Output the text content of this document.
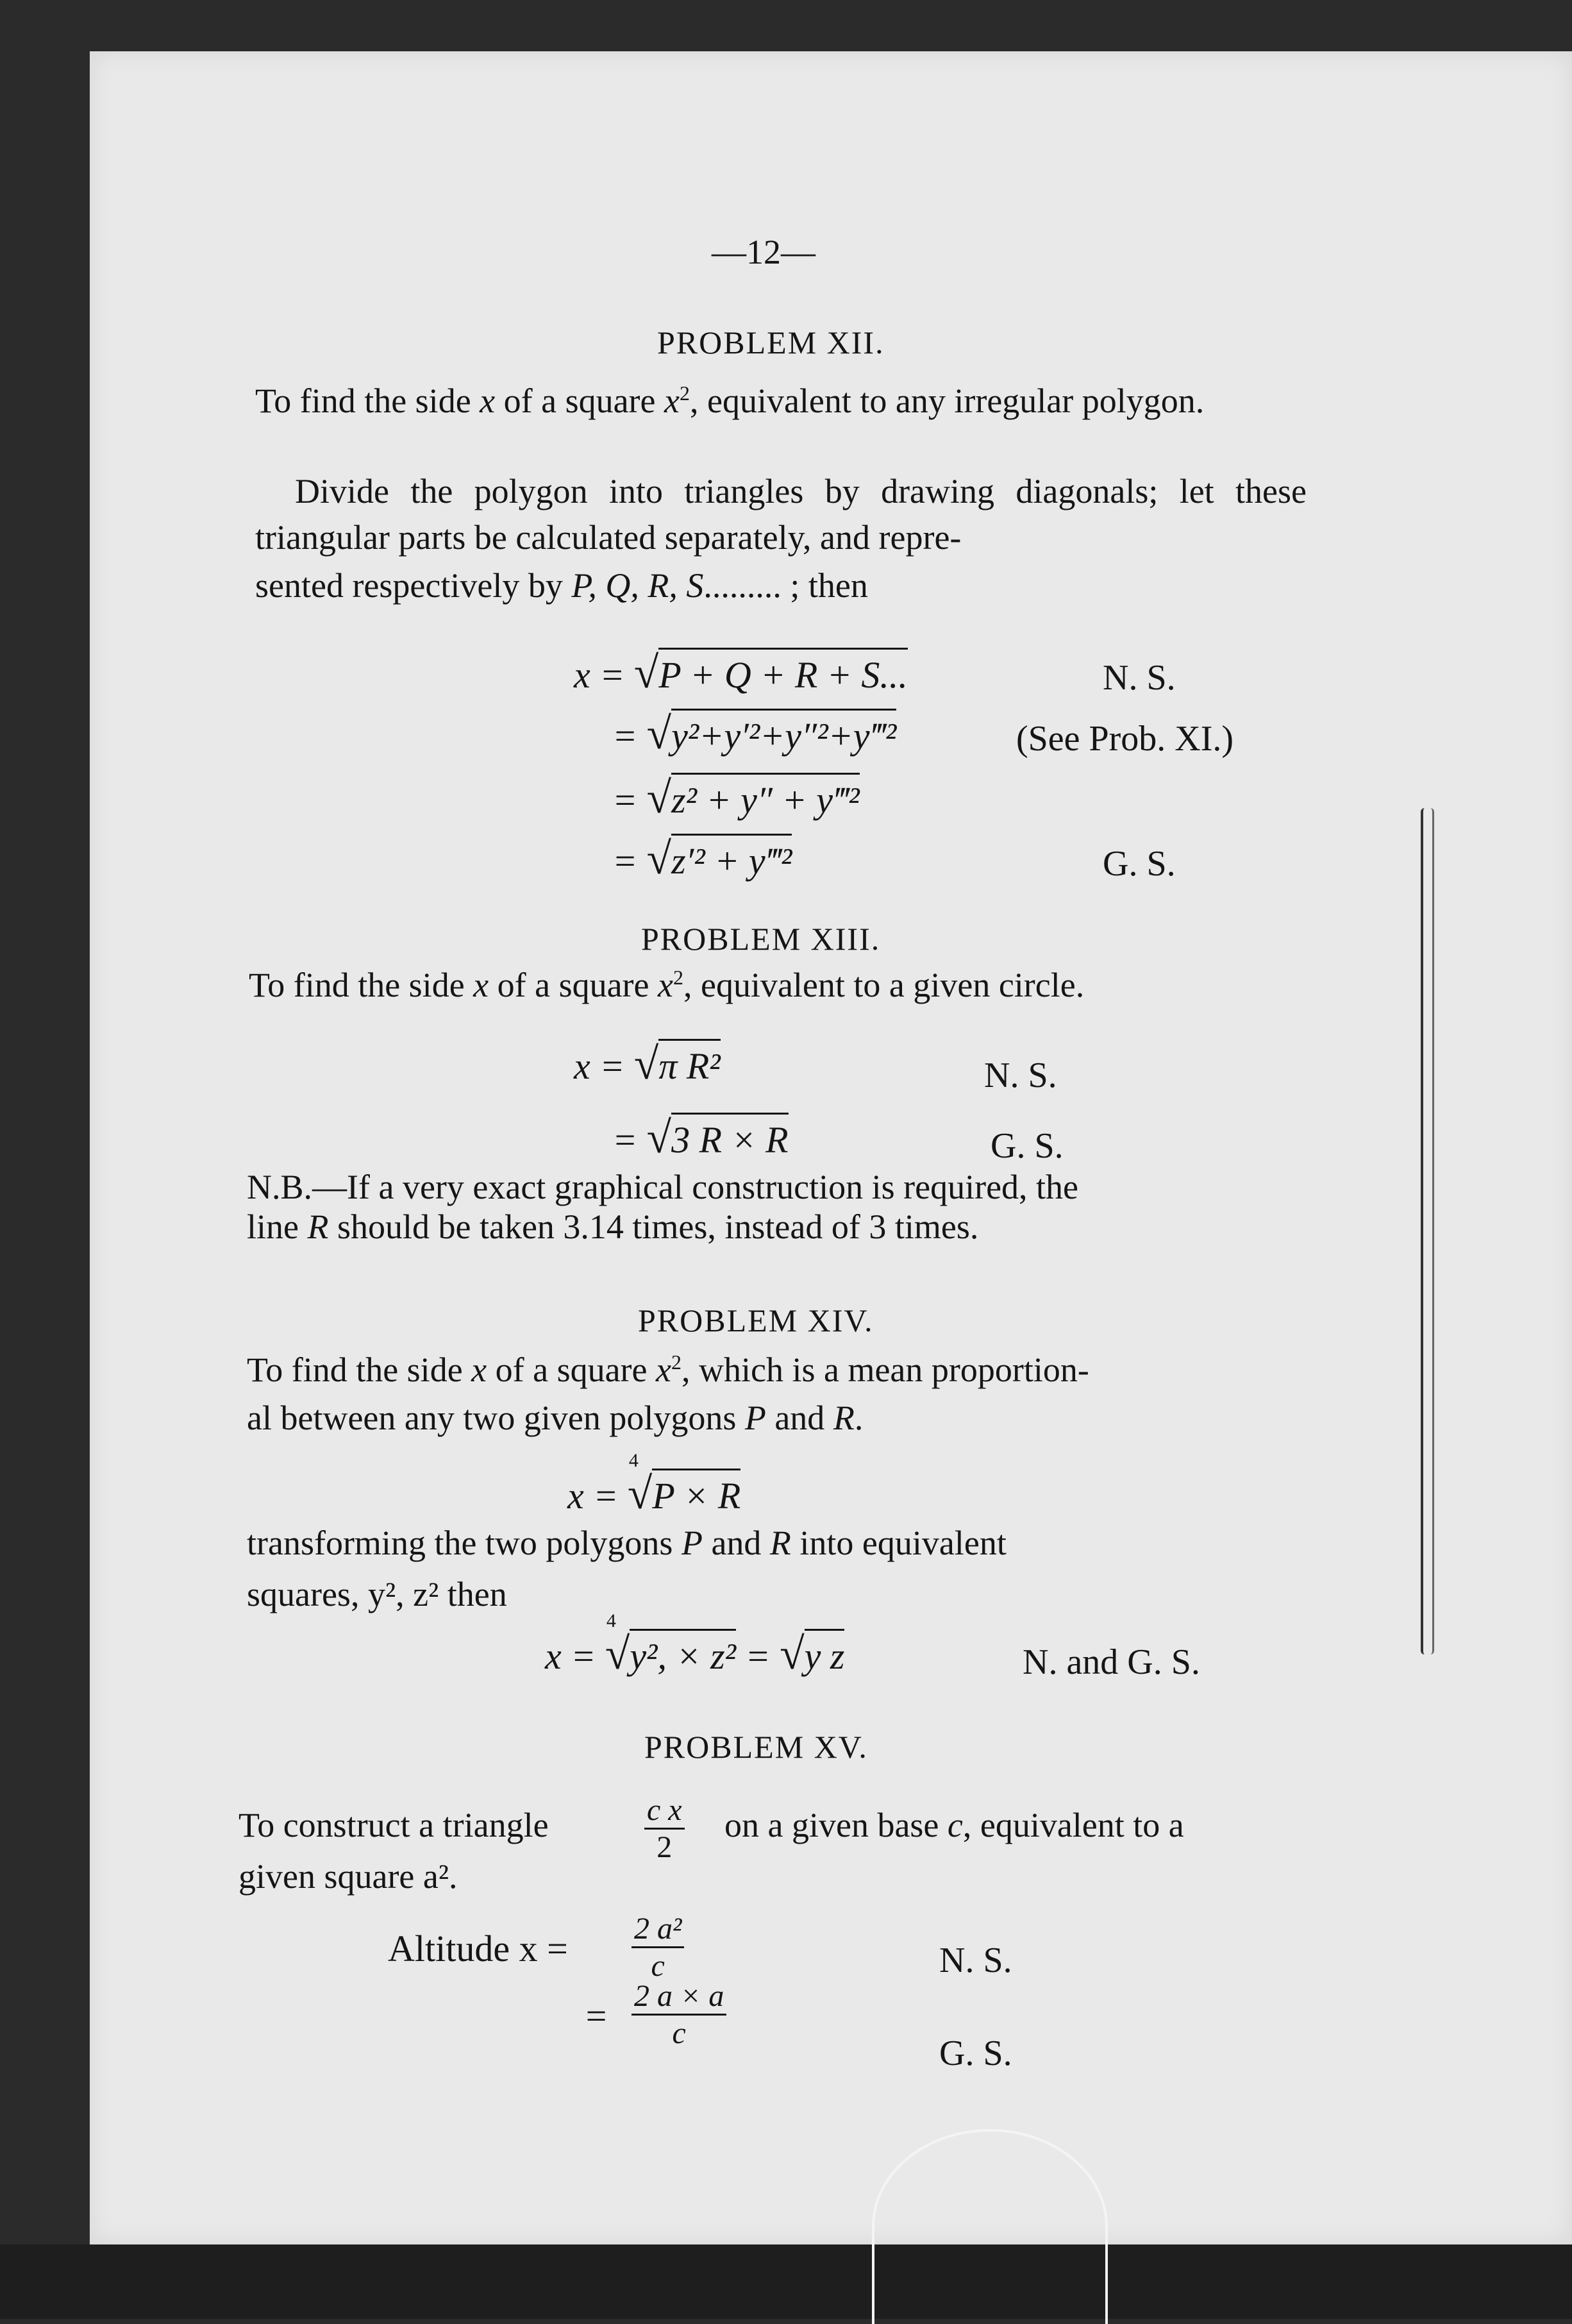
—12—
PROBLEM XII.
To find the side x of a square $x^2$, equivalent to any irregular polygon.
Divide the polygon into triangles by drawing diagonals; let these triangular parts be calculated separately, and repre-
sented respectively by P, Q, R, S......... ; then
x = √P + Q + R + S...	N. S.
= √y²+y′²+y″²+y‴²	(See Prob. XI.)
= √z² + y″ + y‴²
= √z′² + y‴²	G. S.
PROBLEM XIII.
To find the side x of a square $x^2$, equivalent to a given circle.
x = √π R²	N. S.
= √3 R × R	G. S.
N.B.—If a very exact graphical construction is required, the
line R should be taken 3.14 times, instead of 3 times.
PROBLEM XIV.
To find the side x of a square $x^2$, which is a mean proportion-
al between any two given polygons P and R.
x =
4
√P × R
transforming the two polygons P and R into equivalent
squares, y², z² then
x =
4
√y², × z² = √y z	N. and G. S.
PROBLEM XV.
To construct a triangle	c x
2
on a given base c, equivalent to a
given square a².
Altitude x = 2 a²
c	N. S.
= 2 a × a
c
G. S.
